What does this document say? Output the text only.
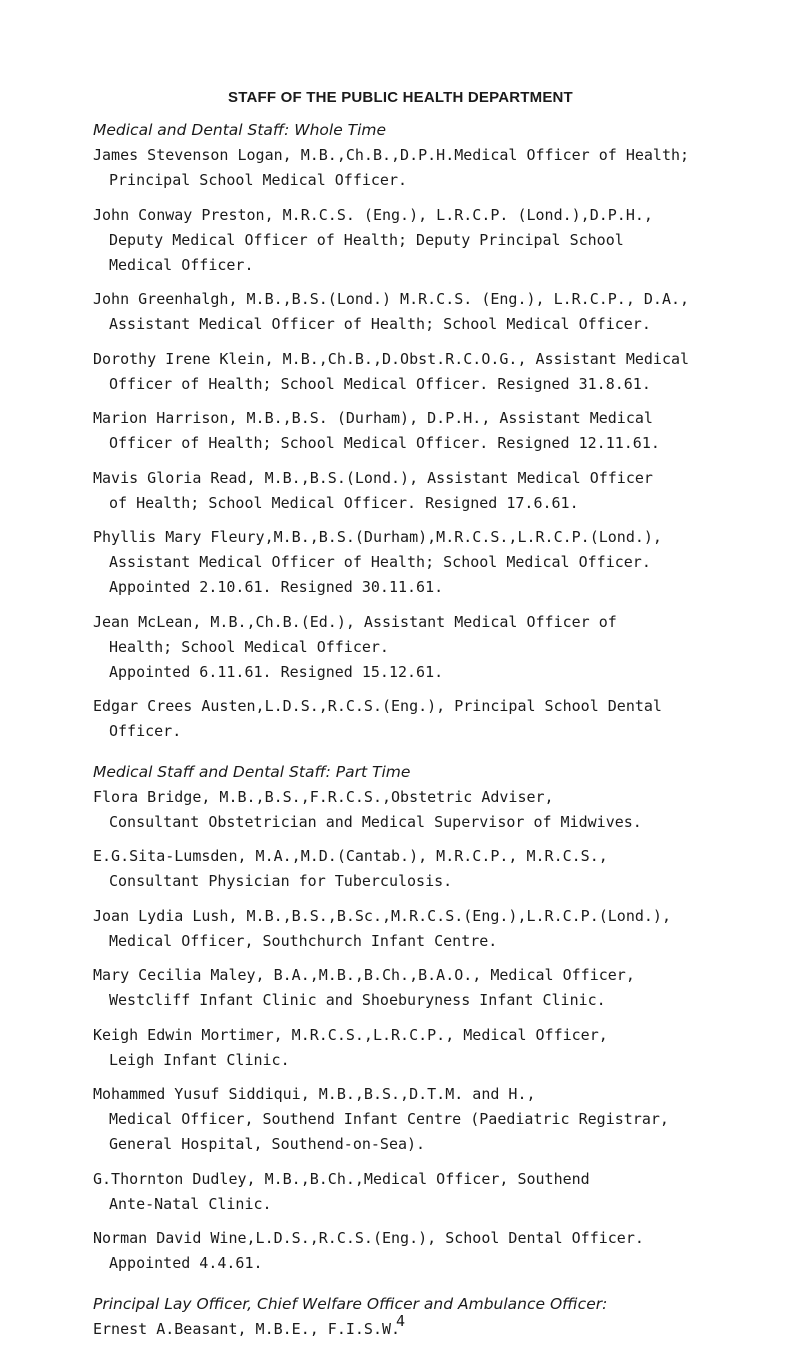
STAFF OF THE PUBLIC HEALTH DEPARTMENT
Medical and Dental Staff: Whole Time
James Stevenson Logan, M.B.,Ch.B.,D.P.H.Medical Officer of Health;
Principal School Medical Officer.
John Conway Preston, M.R.C.S. (Eng.), L.R.C.P. (Lond.),D.P.H.,
Deputy Medical Officer of Health; Deputy Principal School
Medical Officer.
John Greenhalgh, M.B.,B.S.(Lond.) M.R.C.S. (Eng.), L.R.C.P., D.A.,
Assistant Medical Officer of Health; School Medical Officer.
Dorothy Irene Klein, M.B.,Ch.B.,D.Obst.R.C.O.G., Assistant Medical
Officer of Health; School Medical Officer. Resigned 31.8.61.
Marion Harrison, M.B.,B.S. (Durham), D.P.H., Assistant Medical
Officer of Health; School Medical Officer. Resigned 12.11.61.
Mavis Gloria Read, M.B.,B.S.(Lond.), Assistant Medical Officer
of Health; School Medical Officer. Resigned 17.6.61.
Phyllis Mary Fleury,M.B.,B.S.(Durham),M.R.C.S.,L.R.C.P.(Lond.),
Assistant Medical Officer of Health; School Medical Officer.
Appointed 2.10.61. Resigned 30.11.61.
Jean McLean, M.B.,Ch.B.(Ed.), Assistant Medical Officer of
Health; School Medical Officer.
Appointed 6.11.61. Resigned 15.12.61.
Edgar Crees Austen,L.D.S.,R.C.S.(Eng.), Principal School Dental
Officer.
Medical Staff and Dental Staff: Part Time
Flora Bridge, M.B.,B.S.,F.R.C.S.,Obstetric Adviser,
Consultant Obstetrician and Medical Supervisor of Midwives.
E.G.Sita-Lumsden, M.A.,M.D.(Cantab.), M.R.C.P., M.R.C.S.,
Consultant Physician for Tuberculosis.
Joan Lydia Lush, M.B.,B.S.,B.Sc.,M.R.C.S.(Eng.),L.R.C.P.(Lond.),
Medical Officer, Southchurch Infant Centre.
Mary Cecilia Maley, B.A.,M.B.,B.Ch.,B.A.O., Medical Officer,
Westcliff Infant Clinic and Shoeburyness Infant Clinic.
Keigh Edwin Mortimer, M.R.C.S.,L.R.C.P., Medical Officer,
Leigh Infant Clinic.
Mohammed Yusuf Siddiqui, M.B.,B.S.,D.T.M. and H.,
Medical Officer, Southend Infant Centre (Paediatric Registrar,
General Hospital, Southend-on-Sea).
G.Thornton Dudley, M.B.,B.Ch.,Medical Officer, Southend
Ante-Natal Clinic.
Norman David Wine,L.D.S.,R.C.S.(Eng.), School Dental Officer.
Appointed 4.4.61.
Principal Lay Officer, Chief Welfare Officer and Ambulance Officer:
Ernest A.Beasant, M.B.E., F.I.S.W.
4
